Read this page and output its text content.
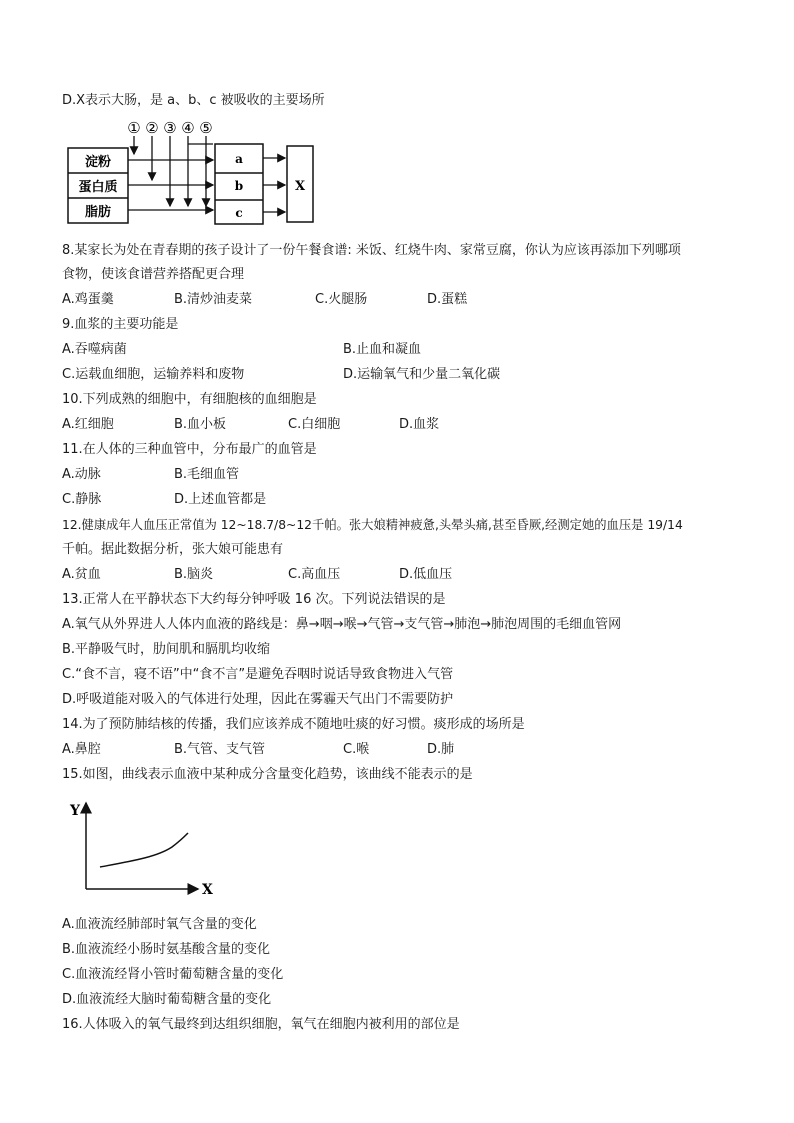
D.X表示大肠，是 a、b、c 被吸收的主要场所
淀粉
蛋白质
脂肪
① ② ③ ④ ⑤
a
b
c
X
8.某家长为处在青春期的孩子设计了一份午餐食谱: 米饭、红烧牛肉、家常豆腐，你认为应该再添加下列哪项
食物，使该食谱营养搭配更合理
A.鸡蛋羹	B.清炒油麦菜	C.火腿肠	D.蛋糕
9.血浆的主要功能是
A.吞噬病菌	B.止血和凝血
C.运载血细胞，运输养料和废物	D.运输氧气和少量二氧化碳
10.下列成熟的细胞中，有细胞核的血细胞是
A.红细胞	B.血小板	C.白细胞	D.血浆
11.在人体的三种血管中，分布最广的血管是
A.动脉	B.毛细血管
C.静脉	D.上述血管都是
12.健康成年人血压正常值为 12~18.7/8~12千帕。张大娘精神疲惫,头晕头痛,甚至昏厥,经测定她的血压是 19/14
千帕。据此数据分析，张大娘可能患有
A.贫血	B.脑炎	C.高血压	D.低血压
13.正常人在平静状态下大约每分钟呼吸 16 次。下列说法错误的是
A.氧气从外界进人人体内血液的路线是：鼻→咽→喉→气管→支气管→肺泡→肺泡周围的毛细血管网
B.平静吸气时，肋间肌和膈肌均收缩
C.“食不言，寝不语”中“食不言”是避免吞咽时说话导致食物进入气管
D.呼吸道能对吸入的气体进行处理，因此在雾霾天气出门不需要防护
14.为了预防肺结核的传播，我们应该养成不随地吐痰的好习惯。痰形成的场所是
A.鼻腔	B.气管、支气管	C.喉	D.肺
15.如图，曲线表示血液中某种成分含量变化趋势，该曲线不能表示的是
Y
X
A.血液流经肺部时氧气含量的变化
B.血液流经小肠时氨基酸含量的变化
C.血液流经肾小管时葡萄糖含量的变化
D.血液流经大脑时葡萄糖含量的变化
16.人体吸入的氧气最终到达组织细胞，氧气在细胞内被利用的部位是
